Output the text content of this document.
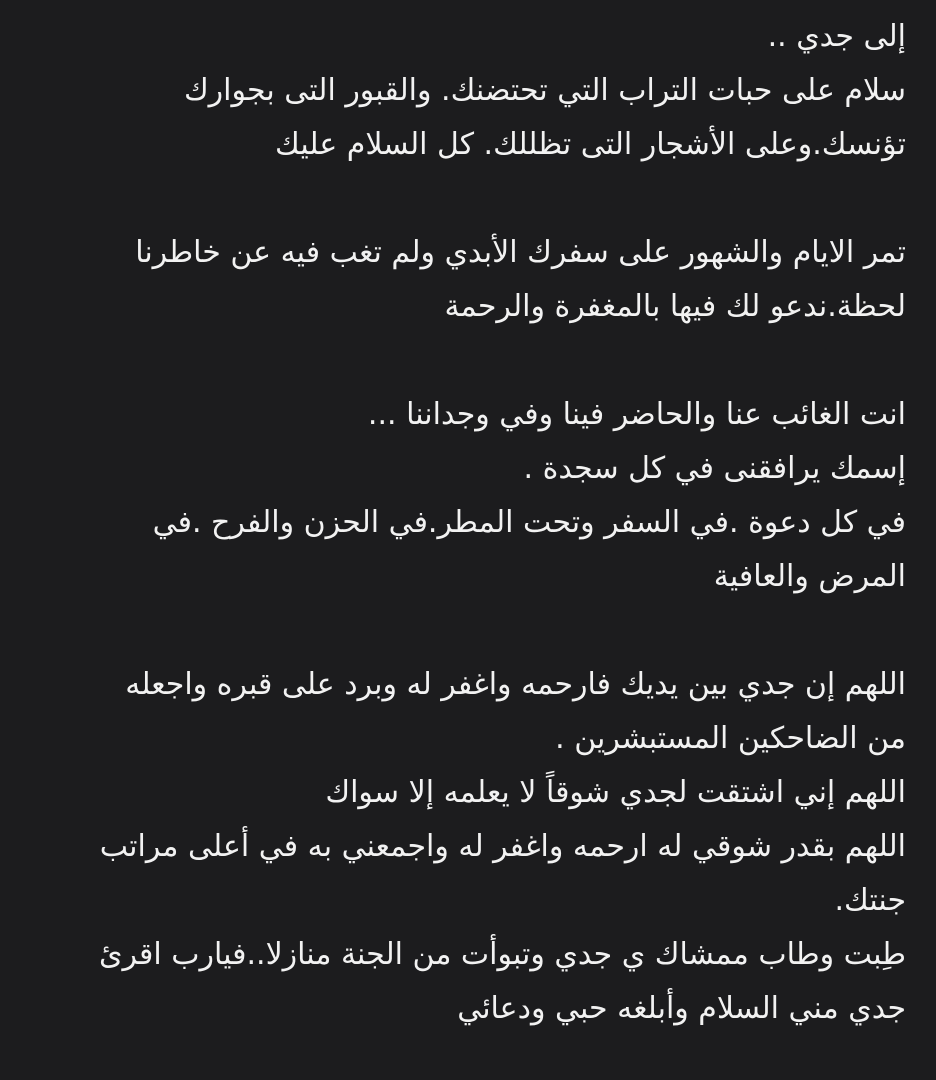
إلى جدي ..
سلام على حبات التراب التي تحتضنك. والقبور التى بجوارك
تؤنسك.وعلى الأشجار التى تظللك. كل السلام عليك
تمر الايام والشهور على سفرك الأبدي ولم تغب فيه عن خاطرنا
لحظة.ندعو لك فيها بالمغفرة والرحمة
انت الغائب عنا والحاضر فينا وفي وجداننا ...
إسمك يرافقنى في كل سجدة .
في كل دعوة .في السفر وتحت المطر.في الحزن والفرح .في
المرض والعافية
اللهم إن جدي بين يديك فارحمه واغفر له وبرد على قبره واجعله
من الضاحكين المستبشرين .
اللهم إني اشتقت لجدي شوقاً لا يعلمه إلا سواك
اللهم بقدر شوقي له ارحمه واغفر له واجمعني به في أعلى مراتب
جنتك.
طِبت وطاب ممشاك ي جدي وتبوأت من الجنة منازلا..فيارب اقرئ
جدي مني السلام وأبلغه حبي ودعائي
